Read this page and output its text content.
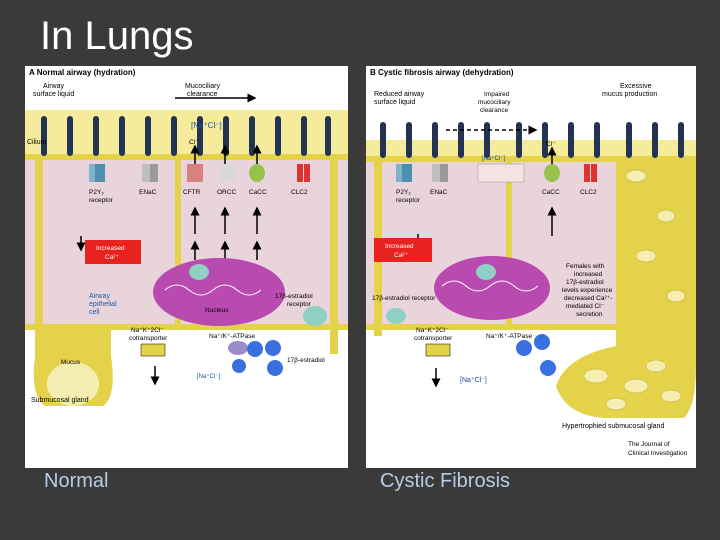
In Lungs
A Normal airway (hydration)
Airway
surface liquid
Mucociliary
clearance
[Na⁺Cl⁻]
Cilium
P2Y₂
receptor
ENaC	CFTR	ORCC CaCC	CLC2
Cl⁻
Increased
Ca²⁺
Airway
epithelial
cell	Nucleus
17β-estradiol
receptor
Na⁺K⁺2Cl⁻
cotransporter	Na⁺/K⁺-ATPase
17β-estradiol
Mucus
[Na⁺Cl⁻]
Submucosal gland
B Cystic fibrosis airway (dehydration)
Reduced airway
surface liquid
Impaired
mucociliary
clearance
Excessive
mucus production
[Na⁺Cl⁻]
P2Y₂
receptor
ENaC	CaCC	CLC2
Cl⁻
Increased
Ca²⁺
Females with
increased
17β-estradiol
levels experience
decreased Ca²⁺-
mediated Cl⁻
secretion
17β-estradiol receptor
Na⁺K⁺2Cl⁻
cotransporter	Na⁺/K⁺-ATPase
[Na⁺Cl⁻]
Hypertrophied submucosal gland
The Journal of
Clinical Investigation
Normal	Cystic Fibrosis
